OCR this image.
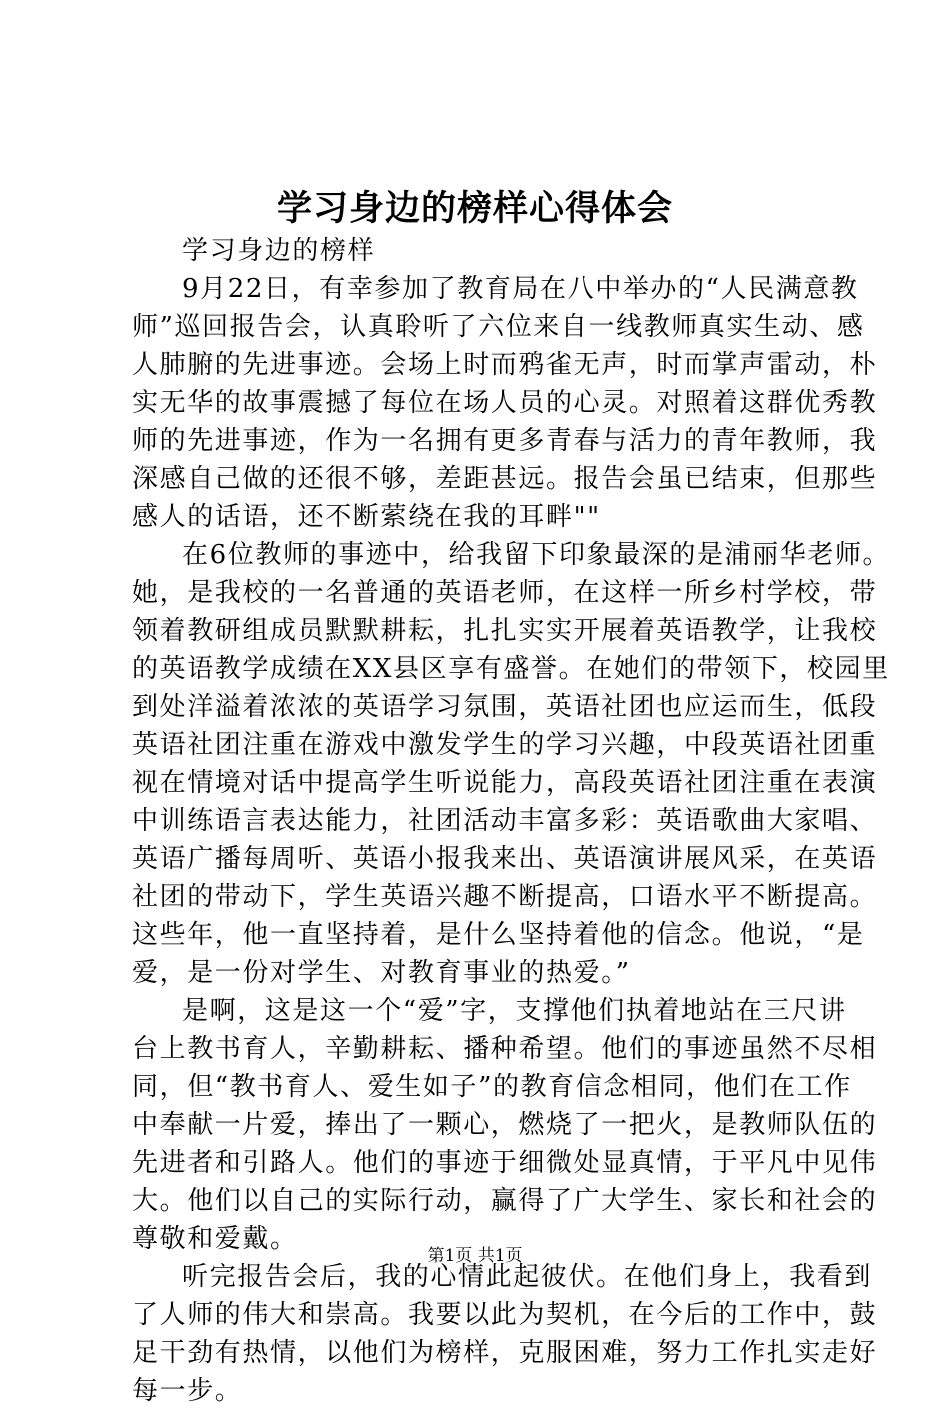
学习身边的榜样心得体会
学习身边的榜样
9月22日，有幸参加了教育局在八中举办的“人民满意教
师”巡回报告会，认真聆听了六位来自一线教师真实生动、感
人肺腑的先进事迹。会场上时而鸦雀无声，时而掌声雷动，朴
实无华的故事震撼了每位在场人员的心灵。对照着这群优秀教
师的先进事迹，作为一名拥有更多青春与活力的青年教师，我
深感自己做的还很不够，差距甚远。报告会虽已结束，但那些
感人的话语，还不断萦绕在我的耳畔""
在6位教师的事迹中，给我留下印象最深的是浦丽华老师。
她，是我校的一名普通的英语老师，在这样一所乡村学校，带
领着教研组成员默默耕耘，扎扎实实开展着英语教学，让我校
的英语教学成绩在XX县区享有盛誉。在她们的带领下，校园里
到处洋溢着浓浓的英语学习氛围，英语社团也应运而生，低段
英语社团注重在游戏中激发学生的学习兴趣，中段英语社团重
视在情境对话中提高学生听说能力，高段英语社团注重在表演
中训练语言表达能力，社团活动丰富多彩：英语歌曲大家唱、
英语广播每周听、英语小报我来出、英语演讲展风采，在英语
社团的带动下，学生英语兴趣不断提高，口语水平不断提高。
这些年，他一直坚持着，是什么坚持着他的信念。他说，“是
爱，是一份对学生、对教育事业的热爱。”
是啊，这是这一个“爱”字，支撑他们执着地站在三尺讲
台上教书育人，辛勤耕耘、播种希望。他们的事迹虽然不尽相
同，但“教书育人、爱生如子”的教育信念相同，他们在工作
中奉献一片爱，捧出了一颗心，燃烧了一把火，是教师队伍的
先进者和引路人。他们的事迹于细微处显真情，于平凡中见伟
大。他们以自己的实际行动，赢得了广大学生、家长和社会的
尊敬和爱戴。
听完报告会后，我的心情此起彼伏。在他们身上，我看到
了人师的伟大和崇高。我要以此为契机，在今后的工作中，鼓
足干劲有热情，以他们为榜样，克服困难，努力工作扎实走好
每一步。
第1页 共1页
